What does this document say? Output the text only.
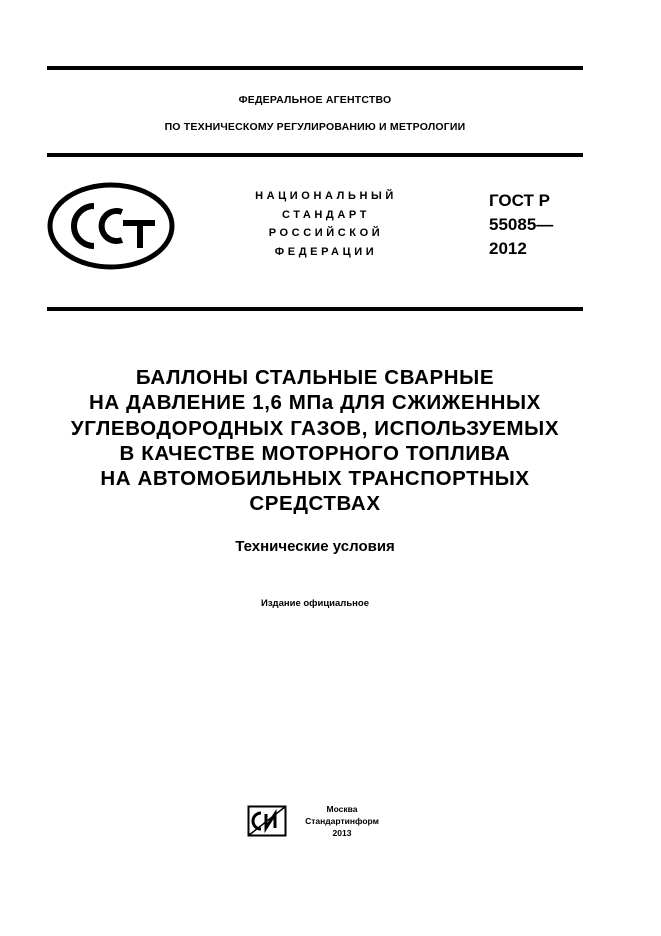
ФЕДЕРАЛЬНОЕ АГЕНТСТВО
ПО ТЕХНИЧЕСКОМУ РЕГУЛИРОВАНИЮ И МЕТРОЛОГИИ
НАЦИОНАЛЬНЫЙ
СТАНДАРТ
РОССИЙСКОЙ
ФЕДЕРАЦИИ
ГОСТ Р
55085—
2012
БАЛЛОНЫ СТАЛЬНЫЕ СВАРНЫЕ
НА ДАВЛЕНИЕ 1,6 МПа ДЛЯ СЖИЖЕННЫХ
УГЛЕВОДОРОДНЫХ ГАЗОВ, ИСПОЛЬЗУЕМЫХ
В КАЧЕСТВЕ МОТОРНОГО ТОПЛИВА
НА АВТОМОБИЛЬНЫХ ТРАНСПОРТНЫХ
СРЕДСТВАХ
Технические условия
Издание официальное
Москва
Стандартинформ
2013
